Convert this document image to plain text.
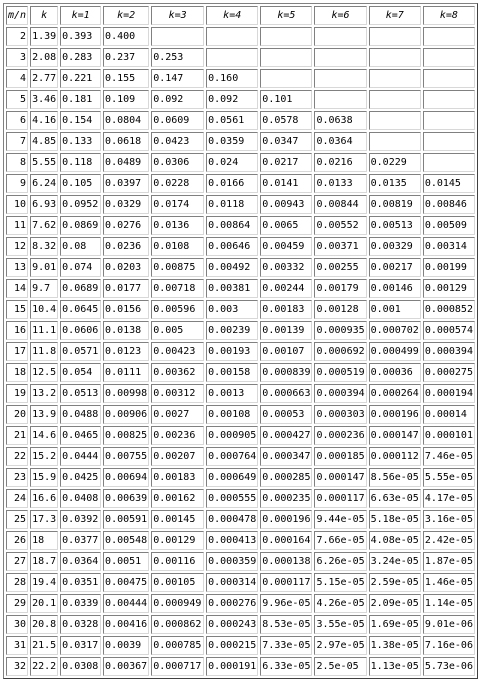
m/n	k	k=1	k=2	k=3	k=4	k=5	k=6	k=7	k=8
2	1.39	0.393	0.400						
3	2.08	0.283	0.237	0.253					
4	2.77	0.221	0.155	0.147	0.160				
5	3.46	0.181	0.109	0.092	0.092	0.101			
6	4.16	0.154	0.0804	0.0609	0.0561	0.0578	0.0638		
7	4.85	0.133	0.0618	0.0423	0.0359	0.0347	0.0364		
8	5.55	0.118	0.0489	0.0306	0.024	0.0217	0.0216	0.0229	
9	6.24	0.105	0.0397	0.0228	0.0166	0.0141	0.0133	0.0135	0.0145
10	6.93	0.0952	0.0329	0.0174	0.0118	0.00943	0.00844	0.00819	0.00846
11	7.62	0.0869	0.0276	0.0136	0.00864	0.0065	0.00552	0.00513	0.00509
12	8.32	0.08	0.0236	0.0108	0.00646	0.00459	0.00371	0.00329	0.00314
13	9.01	0.074	0.0203	0.00875	0.00492	0.00332	0.00255	0.00217	0.00199
14	9.7	0.0689	0.0177	0.00718	0.00381	0.00244	0.00179	0.00146	0.00129
15	10.4	0.0645	0.0156	0.00596	0.003	0.00183	0.00128	0.001	0.000852
16	11.1	0.0606	0.0138	0.005	0.00239	0.00139	0.000935	0.000702	0.000574
17	11.8	0.0571	0.0123	0.00423	0.00193	0.00107	0.000692	0.000499	0.000394
18	12.5	0.054	0.0111	0.00362	0.00158	0.000839	0.000519	0.00036	0.000275
19	13.2	0.0513	0.00998	0.00312	0.0013	0.000663	0.000394	0.000264	0.000194
20	13.9	0.0488	0.00906	0.0027	0.00108	0.00053	0.000303	0.000196	0.00014
21	14.6	0.0465	0.00825	0.00236	0.000905	0.000427	0.000236	0.000147	0.000101
22	15.2	0.0444	0.00755	0.00207	0.000764	0.000347	0.000185	0.000112	7.46e-05
23	15.9	0.0425	0.00694	0.00183	0.000649	0.000285	0.000147	8.56e-05	5.55e-05
24	16.6	0.0408	0.00639	0.00162	0.000555	0.000235	0.000117	6.63e-05	4.17e-05
25	17.3	0.0392	0.00591	0.00145	0.000478	0.000196	9.44e-05	5.18e-05	3.16e-05
26	18	0.0377	0.00548	0.00129	0.000413	0.000164	7.66e-05	4.08e-05	2.42e-05
27	18.7	0.0364	0.0051	0.00116	0.000359	0.000138	6.26e-05	3.24e-05	1.87e-05
28	19.4	0.0351	0.00475	0.00105	0.000314	0.000117	5.15e-05	2.59e-05	1.46e-05
29	20.1	0.0339	0.00444	0.000949	0.000276	9.96e-05	4.26e-05	2.09e-05	1.14e-05
30	20.8	0.0328	0.00416	0.000862	0.000243	8.53e-05	3.55e-05	1.69e-05	9.01e-06
31	21.5	0.0317	0.0039	0.000785	0.000215	7.33e-05	2.97e-05	1.38e-05	7.16e-06
32	22.2	0.0308	0.00367	0.000717	0.000191	6.33e-05	2.5e-05	1.13e-05	5.73e-06
